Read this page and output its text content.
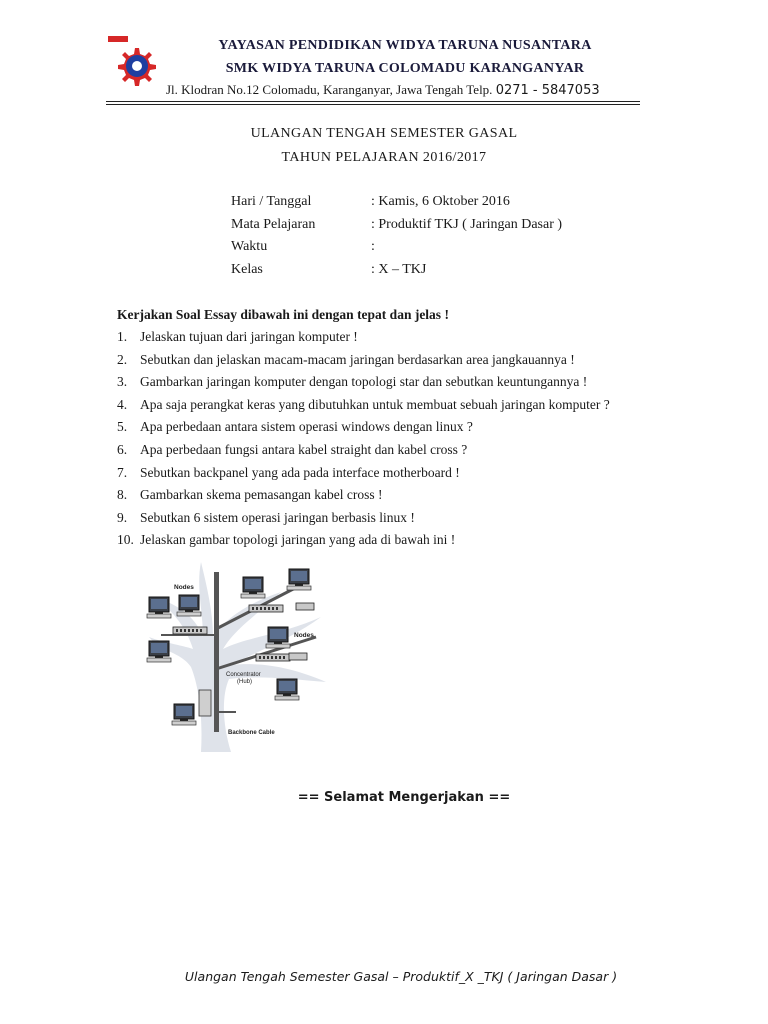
YAYASAN PENDIDIKAN WIDYA TARUNA NUSANTARA
SMK WIDYA TARUNA COLOMADU KARANGANYAR
Jl. Klodran No.12 Colomadu, Karanganyar, Jawa Tengah Telp. 0271 - 5847053
ULANGAN TENGAH SEMESTER GASAL
TAHUN PELAJARAN 2016/2017
Hari / Tanggal	: Kamis, 6 Oktober 2016
Mata Pelajaran	: Produktif TKJ ( Jaringan Dasar )
Waktu	:
Kelas	: X – TKJ
Kerjakan Soal Essay dibawah ini dengan tepat dan jelas !
1. Jelaskan tujuan dari jaringan komputer !
2. Sebutkan dan jelaskan macam-macam jaringan berdasarkan area jangkauannya !
3. Gambarkan jaringan komputer dengan topologi star dan sebutkan keuntungannya !
4. Apa saja perangkat keras yang dibutuhkan untuk membuat sebuah jaringan komputer ?
5. Apa perbedaan antara sistem operasi windows dengan linux ?
6. Apa perbedaan fungsi antara kabel straight dan kabel cross ?
7. Sebutkan backpanel yang ada pada interface motherboard !
8. Gambarkan skema pemasangan kabel cross !
9. Sebutkan 6 sistem operasi jaringan berbasis linux !
10. Jelaskan gambar topologi jaringan yang ada di bawah ini !
Nodes
Nodes
Concentrator
(Hub)
Backbone Cable
== Selamat Mengerjakan ==
Ulangan Tengah Semester Gasal – Produktif_X _TKJ ( Jaringan Dasar )
